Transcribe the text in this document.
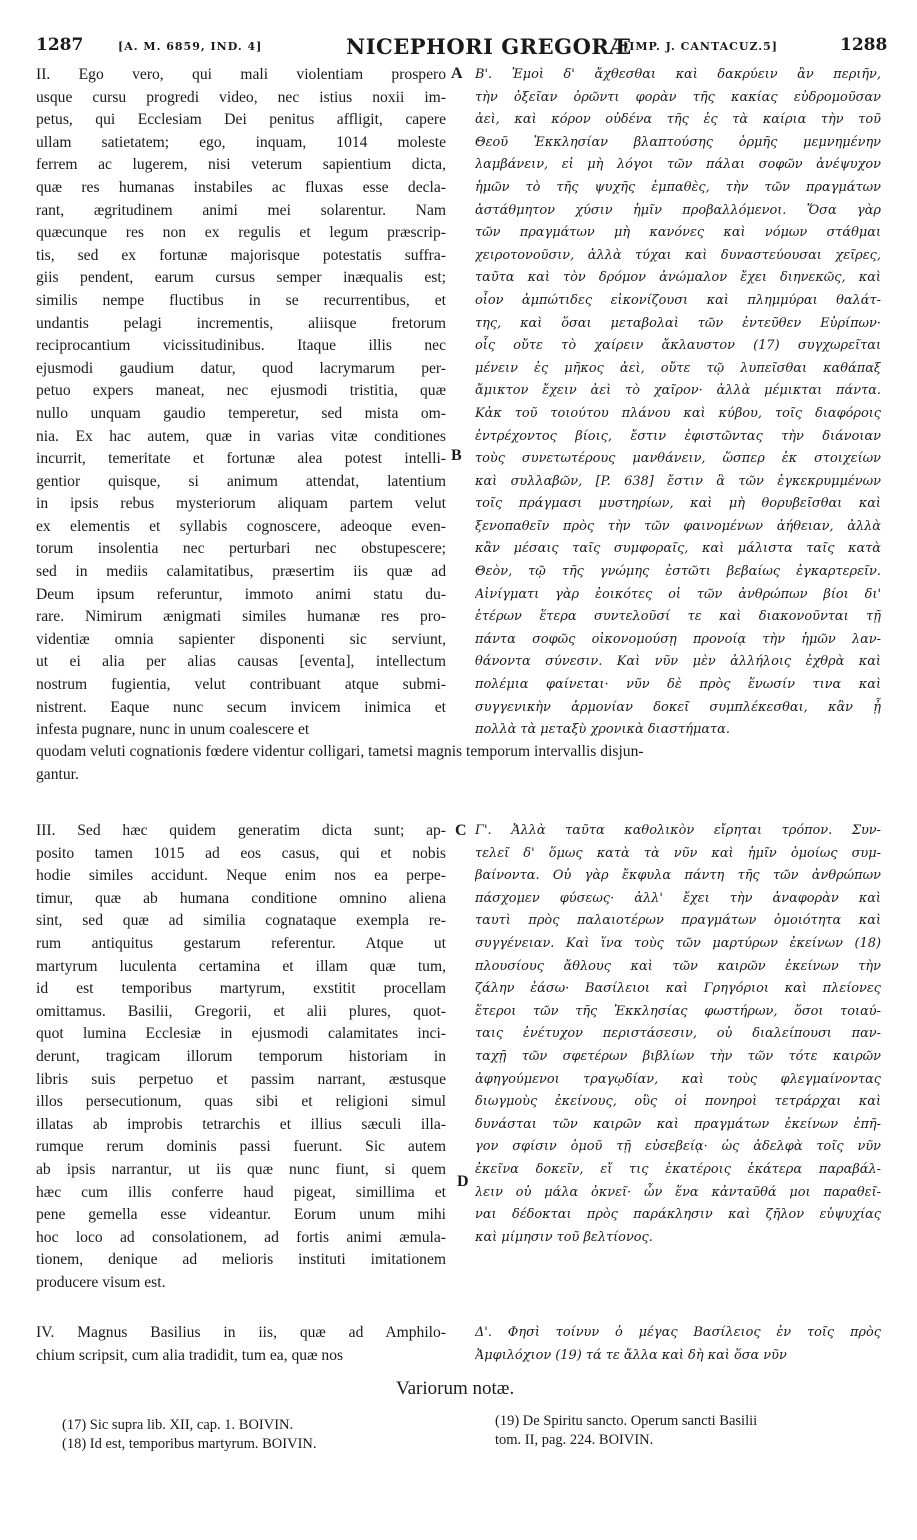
1287	[A. M. 6859, IND. 4]	NICEPHORI GREGORÆ
[IMP. J. CANTACUZ.5]	1288
A
B
C
D

II. Ego vero, qui mali violentiam prospero

usque cursu progredi video, nec istius noxii im-

petus, qui Ecclesiam Dei penitus affligit, capere

ullam satietatem; ego, inquam, 1014 moleste

ferrem ac lugerem, nisi veterum sapientium dicta,

quæ res humanas instabiles ac fluxas esse decla-

rant, ægritudinem animi mei solarentur. Nam

quæcunque res non ex regulis et legum præscrip-

tis, sed ex fortunæ majorisque potestatis suffra-

giis pendent, earum cursus semper inæqualis est;

similis nempe fluctibus in se recurrentibus, et

undantis pelagi incrementis, aliisque fretorum

reciprocantium vicissitudinibus. Itaque illis nec

ejusmodi gaudium datur, quod lacrymarum per-

petuo expers maneat, nec ejusmodi tristitia, quæ

nullo unquam gaudio temperetur, sed mista om-

nia. Ex hac autem, quæ in varias vitæ conditiones

incurrit, temeritate et fortunæ alea potest intelli-

gentior quisque, si animum attendat, latentium

in ipsis rebus mysteriorum aliquam partem velut

ex elementis et syllabis cognoscere, adeoque even-

torum insolentia nec perturbari nec obstupescere;

sed in mediis calamitatibus, præsertim iis quæ ad

Deum ipsum referuntur, immoto animi statu du-

rare. Nimirum ænigmati similes humanæ res pro-

videntiæ omnia sapienter disponenti sic serviunt,

ut ei alia per alias causas [eventa], intellectum

nostrum fugientia, velut contribuant atque submi-

nistrent. Eaque nunc secum invicem inimica et

infesta pugnare, nunc in unum coalescere et

quodam veluti cognationis fœdere videntur colligari, tametsi magnis temporum intervallis disjun-
gantur.

III. Sed hæc quidem generatim dicta sunt; ap-

posito tamen 1015 ad eos casus, qui et nobis

hodie similes accidunt. Neque enim nos ea perpe-

timur, quæ ab humana conditione omnino aliena

sint, sed quæ ad similia cognataque exempla re-

rum antiquitus gestarum referentur. Atque ut

martyrum luculenta certamina et illam quæ tum,

id est temporibus martyrum, exstitit procellam

omittamus. Basilii, Gregorii, et alii plures, quot-

quot lumina Ecclesiæ in ejusmodi calamitates inci-

derunt, tragicam illorum temporum historiam in

libris suis perpetuo et passim narrant, æstusque

illos persecutionum, quas sibi et religioni simul

illatas ab improbis tetrarchis et illius sæculi illa-

rumque rerum dominis passi fuerunt. Sic autem

ab ipsis narrantur, ut iis quæ nunc fiunt, si quem

hæc cum illis conferre haud pigeat, simillima et

pene gemella esse videantur. Eorum unum mihi

hoc loco ad consolationem, ad fortis animi æmula-

tionem, denique ad melioris instituti imitationem

producere visum est.

IV. Magnus Basilius in iis, quæ ad Amphilo-

chium scripsit, cum alia tradidit, tum ea, quæ nos

Β'. Ἐμοὶ δ' ἄχθεσθαι καὶ δακρύειν ἂν περιῆν,

τὴν ὀξεῖαν ὁρῶντι φορὰν τῆς κακίας εὐδρομοῦσαν

ἀεὶ, καὶ κόρον οὐδένα τῆς ἐς τὰ καίρια τὴν τοῦ

Θεοῦ Ἐκκλησίαν βλαπτούσης ὁρμῆς μεμνημένην

λαμβάνειν, εἰ μὴ λόγοι τῶν πάλαι σοφῶν ἀνέψυχον

ἡμῶν τὸ τῆς ψυχῆς ἐμπαθὲς, τὴν τῶν πραγμάτων

ἀστάθμητον χύσιν ἡμῖν προβαλλόμενοι. Ὅσα γὰρ

τῶν πραγμάτων μὴ κανόνες καὶ νόμων στάθμαι

χειροτονοῦσιν, ἀλλὰ τύχαι καὶ δυναστεύουσαι χεῖρες,

ταῦτα καὶ τὸν δρόμον ἀνώμαλον ἔχει διηνεκῶς, καὶ

οἷον ἀμπώτιδες εἰκονίζουσι καὶ πλημμύραι θαλάτ-

της, καὶ ὅσαι μεταβολαὶ τῶν ἐντεῦθεν Εὐρίπων·

οἷς οὔτε τὸ χαίρειν ἄκλαυστον (17) συγχωρεῖται

μένειν ἐς μῆκος ἀεὶ, οὔτε τῷ λυπεῖσθαι καθάπαξ

ἄμικτον ἔχειν ἀεὶ τὸ χαῖρον· ἀλλὰ μέμικται πάντα.

Κἀκ τοῦ τοιούτου πλάνου καὶ κύβου, τοῖς διαφόροις

ἐντρέχοντος βίοις, ἔστιν ἐφιστῶντας τὴν διάνοιαν

τοὺς συνετωτέρους μανθάνειν, ὥσπερ ἐκ στοιχείων

καὶ συλλαβῶν, [P. 638] ἔστιν ἃ τῶν ἐγκεκρυμμένων

τοῖς πράγμασι μυστηρίων, καὶ μὴ θορυβεῖσθαι καὶ

ξενοπαθεῖν πρὸς τὴν τῶν φαινομένων ἀήθειαν, ἀλλὰ

κἂν μέσαις ταῖς συμφοραῖς, καὶ μάλιστα ταῖς κατὰ

Θεὸν, τῷ τῆς γνώμης ἑστῶτι βεβαίως ἐγκαρτερεῖν.

Αἰνίγματι γὰρ ἐοικότες οἱ τῶν ἀνθρώπων βίοι δι'

ἑτέρων ἕτερα συντελοῦσί τε καὶ διακονοῦνται τῇ

πάντα σοφῶς οἰκονομούσῃ προνοίᾳ τὴν ἡμῶν λαν-

θάνοντα σύνεσιν. Καὶ νῦν μὲν ἀλλήλοις ἐχθρὰ καὶ

πολέμια φαίνεται· νῦν δὲ πρὸς ἕνωσίν τινα καὶ

συγγενικὴν ἁρμονίαν δοκεῖ συμπλέκεσθαι, κἂν ᾖ

πολλὰ τὰ μεταξὺ χρονικὰ διαστήματα.

Γ'. Ἀλλὰ ταῦτα καθολικὸν εἴρηται τρόπον. Συν-

τελεῖ δ' ὅμως κατὰ τὰ νῦν καὶ ἡμῖν ὁμοίως συμ-

βαίνοντα. Οὐ γὰρ ἔκφυλα πάντη τῆς τῶν ἀνθρώπων

πάσχομεν φύσεως· ἀλλ' ἔχει τὴν ἀναφορὰν καὶ

ταυτὶ πρὸς παλαιοτέρων πραγμάτων ὁμοιότητα καὶ

συγγένειαν. Καὶ ἵνα τοὺς τῶν μαρτύρων ἐκείνων (18)

πλουσίους ἄθλους καὶ τῶν καιρῶν ἐκείνων τὴν

ζάλην ἐάσω· Βασίλειοι καὶ Γρηγόριοι καὶ πλείονες

ἕτεροι τῶν τῆς Ἐκκλησίας φωστήρων, ὅσοι τοιαύ-

ταις ἐνέτυχον περιστάσεσιν, οὐ διαλείπουσι παν-

ταχῇ τῶν σφετέρων βιβλίων τὴν τῶν τότε καιρῶν

ἀφηγούμενοι τραγῳδίαν, καὶ τοὺς φλεγμαίνοντας

διωγμοὺς ἐκείνους, οὓς οἱ πονηροὶ τετράρχαι καὶ

δυνάσται τῶν καιρῶν καὶ πραγμάτων ἐκείνων ἐπῆ-

γον σφίσιν ὁμοῦ τῇ εὐσεβείᾳ· ὡς ἀδελφὰ τοῖς νῦν

ἐκεῖνα δοκεῖν, εἴ τις ἑκατέροις ἑκάτερα παραβάλ-

λειν οὐ μάλα ὀκνεῖ· ὧν ἕνα κἀνταῦθά μοι παραθεῖ-

ναι δέδοκται πρὸς παράκλησιν καὶ ζῆλον εὐψυχίας

καὶ μίμησιν τοῦ βελτίονος.

Δ'. Φησὶ τοίνυν ὁ μέγας Βασίλειος ἐν τοῖς πρὸς

Ἀμφιλόχιον (19) τά τε ἄλλα καὶ δὴ καὶ ὅσα νῦν

Variorum notæ.
(17) Sic supra lib. XII, cap. 1. BOIVIN.
(18) Id est, temporibus martyrum. BOIVIN.
(19) De Spiritu sancto. Operum sancti Basilii
tom. II, pag. 224. BOIVIN.
